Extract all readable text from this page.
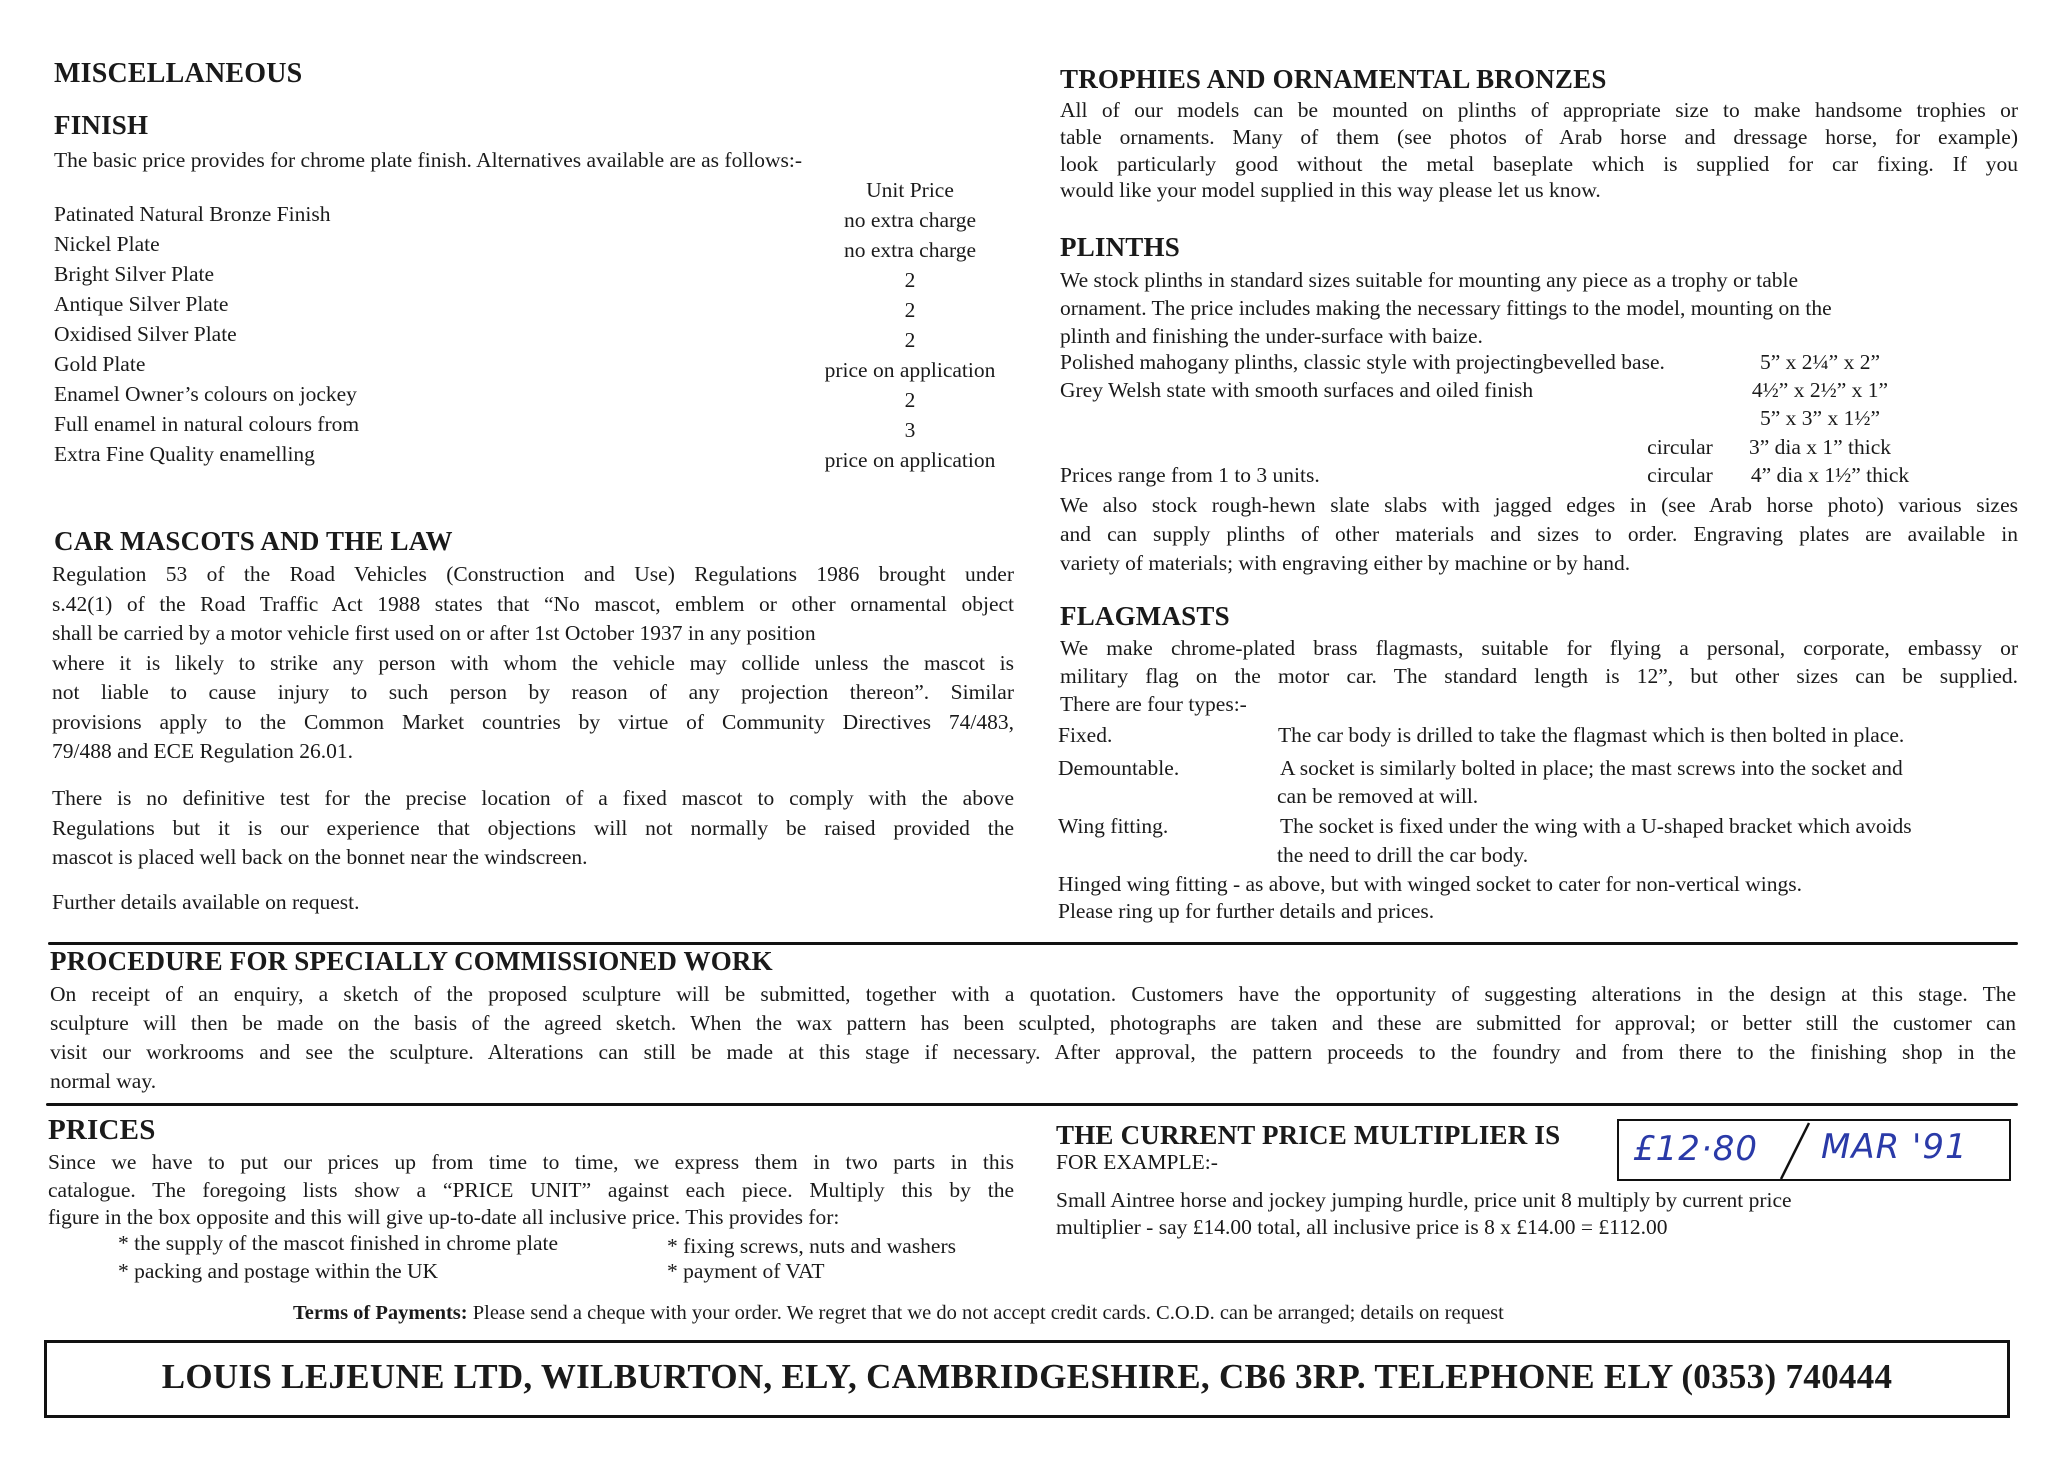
MISCELLANEOUS
FINISH
The basic price provides for chrome plate finish. Alternatives available are as follows:-
Unit Price
Patinated Natural Bronze Finish	no extra charge
Nickel Plate	no extra charge
Bright Silver Plate	2
Antique Silver Plate	2
Oxidised Silver Plate	2
Gold Plate	price on application
Enamel Owner’s colours on jockey	2
Full enamel in natural colours from	3
Extra Fine Quality enamelling	price on application
CAR MASCOTS AND THE LAW

Regulation 53 of the Road Vehicles (Construction and Use) Regulations 1986 brought under

s.42(1) of the Road Traffic Act 1988 states that “No mascot, emblem or other ornamental object

shall be carried by a motor vehicle first used on or after 1st October 1937 in any position

where it is likely to strike any person with whom the vehicle may collide unless the mascot is

not liable to cause injury to such person by reason of any projection thereon”. Similar

provisions apply to the Common Market countries by virtue of Community Directives 74/483,

79/488 and ECE Regulation 26.01.

There is no definitive test for the precise location of a fixed mascot to comply with the above

Regulations but it is our experience that objections will not normally be raised provided the

mascot is placed well back on the bonnet near the windscreen.

Further details available on request.
TROPHIES AND ORNAMENTAL BRONZES

All of our models can be mounted on plinths of appropriate size to make handsome trophies or

table ornaments. Many of them (see photos of Arab horse and dressage horse, for example)

look particularly good without the metal baseplate which is supplied for car fixing. If you

would like your model supplied in this way please let us know.

PLINTHS

We stock plinths in standard sizes suitable for mounting any piece as a trophy or table

ornament. The price includes making the necessary fittings to the model, mounting on the

plinth and finishing the under-surface with baize.

Polished mahogany plinths, classic style with projectingbevelled base.	5” x 2¼” x 2”
Grey Welsh state with smooth surfaces and oiled finish	4½” x 2½” x 1”
5” x 3” x 1½”
circular	3” dia x 1” thick
Prices range from 1 to 3 units.	circular	4” dia x 1½” thick

We also stock rough-hewn slate slabs with jagged edges in (see Arab horse photo) various sizes

and can supply plinths of other materials and sizes to order. Engraving plates are available in

variety of materials; with engraving either by machine or by hand.

FLAGMASTS

We make chrome-plated brass flagmasts, suitable for flying a personal, corporate, embassy or

military flag on the motor car. The standard length is 12”, but other sizes can be supplied.

There are four types:-

Fixed.	The car body is drilled to take the flagmast which is then bolted in place.
Demountable.	A socket is similarly bolted in place; the mast screws into the socket and
can be removed at will.
Wing fitting.	The socket is fixed under the wing with a U-shaped bracket which avoids
the need to drill the car body.
Hinged wing fitting - as above, but with winged socket to cater for non-vertical wings.
Please ring up for further details and prices.
PROCEDURE FOR SPECIALLY COMMISSIONED WORK

On receipt of an enquiry, a sketch of the proposed sculpture will be submitted, together with a quotation. Customers have the opportunity of suggesting alterations in the design at this stage. The

sculpture will then be made on the basis of the agreed sketch. When the wax pattern has been sculpted, photographs are taken and these are submitted for approval; or better still the customer can

visit our workrooms and see the sculpture. Alterations can still be made at this stage if necessary. After approval, the pattern proceeds to the foundry and from there to the finishing shop in the

normal way.

PRICES

Since we have to put our prices up from time to time, we express them in two parts in this

catalogue. The foregoing lists show a “PRICE UNIT” against each piece. Multiply this by the

figure in the box opposite and this will give up-to-date all inclusive price. This provides for:

* the supply of the mascot finished in chrome plate
* packing and postage within the UK
* fixing screws, nuts and washers
* payment of VAT
THE CURRENT PRICE MULTIPLIER IS £12·80 MAR '91
FOR EXAMPLE:-
Small Aintree horse and jockey jumping hurdle, price unit 8 multiply by current price
multiplier - say £14.00 total, all inclusive price is 8 x £14.00 = £112.00
Terms of Payments: Please send a cheque with your order. We regret that we do not accept credit cards. C.O.D. can be arranged; details on request
LOUIS LEJEUNE LTD, WILBURTON, ELY, CAMBRIDGESHIRE, CB6 3RP. TELEPHONE ELY (0353) 740444
